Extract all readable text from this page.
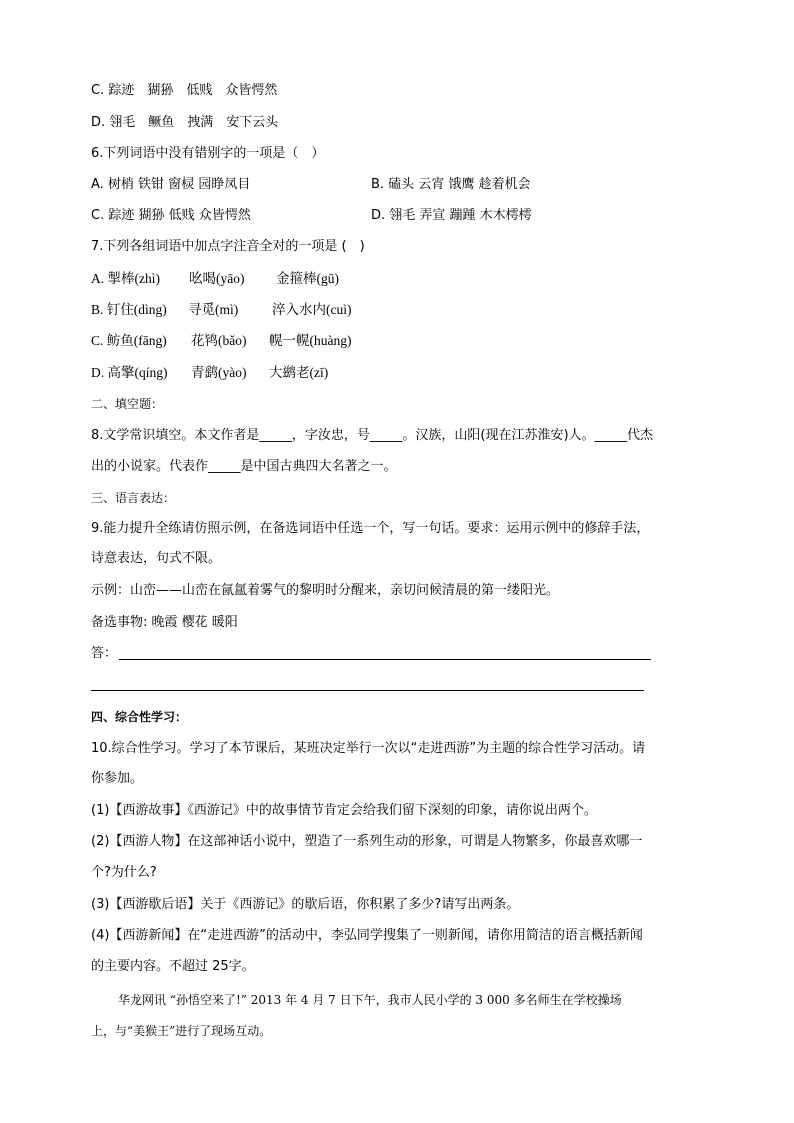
C. 踪迹　猢狲　低贱　众皆愕然
D. 翎毛　鳜鱼　拽满　安下云头
6.下列词语中没有错别字的一项是（　）
A. 树梢 铁钳 窗棂 园睁凤目	B. 磕头 云宵 饿鹰 趁着机会
C. 踪迹 猢狲 低贱 众皆愕然	D. 翎毛 弄宣 蹦踵 木木樗樗
7.下列各组词语中加点字注音全对的一项是 (　)
A. 掣棒(zhì) 吆喝(yāo) 金箍棒(gū)
B. 钉住(dìng) 寻觅(mì)	淬入水内(cuì)
C. 鲂鱼(fāng) 花鸨(bǎo) 幌一幌(huàng)
D. 高擎(qíng) 青鹞(yào) 大鹚老(zī)
二、填空题：
8.文学常识填空。本文作者是_____，字汝忠，号_____。汉族，山阳(现在江苏淮安)人。_____代杰
出的小说家。代表作_____是中国古典四大名著之一。
三、语言表达：
9.能力提升全练请仿照示例，在备选词语中任选一个，写一句话。要求：运用示例中的修辞手法，
诗意表达，句式不限。
示例：山峦——山峦在氤氲着雾气的黎明时分醒来，亲切问候清晨的第一缕阳光。
备选事物: 晚霞 樱花 暖阳
答：
四、综合性学习：
10.综合性学习。学习了本节课后，某班决定举行一次以“走进西游”为主题的综合性学习活动。请
你参加。
(1)【西游故事】《西游记》中的故事情节肯定会给我们留下深刻的印象，请你说出两个。
(2)【西游人物】在这部神话小说中，塑造了一系列生动的形象，可谓是人物繁多，你最喜欢哪一
个?为什么?
(3)【西游歇后语】关于《西游记》的歇后语，你积累了多少?请写出两条。
(4)【西游新闻】在“走进西游”的活动中，李弘同学搜集了一则新闻，请你用简洁的语言概括新闻
的主要内容。不超过 25字。
华龙网讯 “孙悟空来了!” 2013 年 4 月 7 日下午，我市人民小学的 3 000 多名师生在学校操场
上，与“美猴王”进行了现场互动。
